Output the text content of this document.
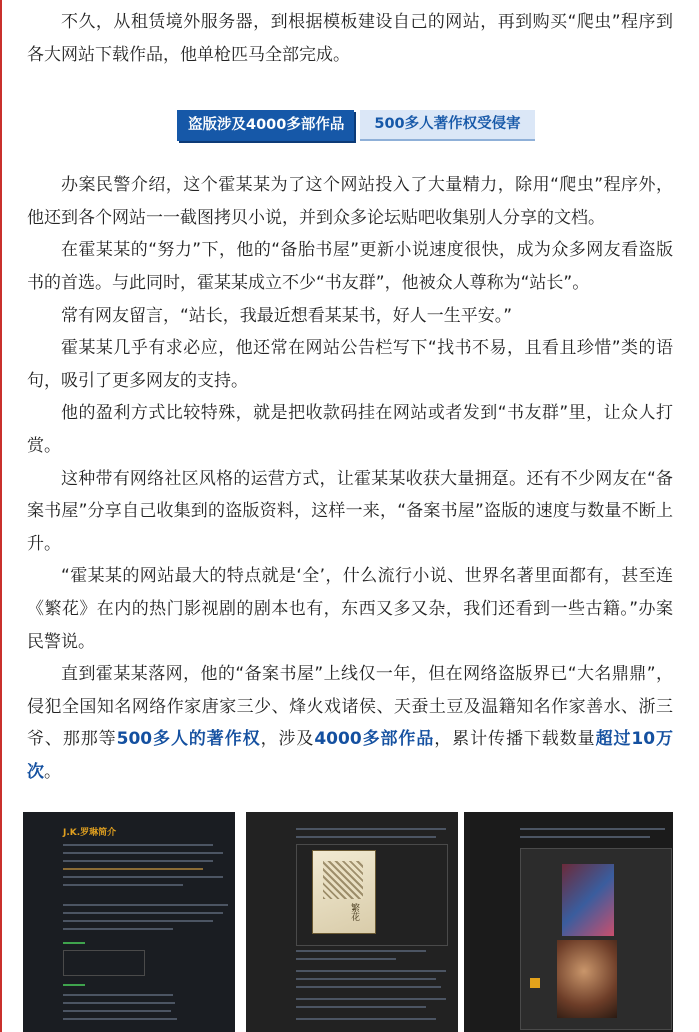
不久，从租赁境外服务器，到根据模板建设自己的网站，再到购买“爬虫”程序到各大网站下载作品，他单枪匹马全部完成。

盗版涉及4000多部作品	500多人著作权受侵害

办案民警介绍，这个霍某某为了这个网站投入了大量精力，除用“爬虫”程序外，他还到各个网站一一截图拷贝小说，并到众多论坛贴吧收集别人分享的文档。

在霍某某的“努力”下，他的“备胎书屋”更新小说速度很快，成为众多网友看盗版书的首选。与此同时，霍某某成立不少“书友群”，他被众人尊称为“站长”。

常有网友留言，“站长，我最近想看某某书，好人一生平安。”

霍某某几乎有求必应，他还常在网站公告栏写下“找书不易，且看且珍惜”类的语句，吸引了更多网友的支持。

他的盈利方式比较特殊，就是把收款码挂在网站或者发到“书友群”里，让众人打赏。

这种带有网络社区风格的运营方式，让霍某某收获大量拥趸。还有不少网友在“备案书屋”分享自己收集到的盗版资料，这样一来，“备案书屋”盗版的速度与数量不断上升。

“霍某某的网站最大的特点就是‘全’，什么流行小说、世界名著里面都有，甚至连《繁花》在内的热门影视剧的剧本也有，东西又多又杂，我们还看到一些古籍。”办案民警说。

直到霍某某落网，他的“备案书屋”上线仅一年，但在网络盗版界已“大名鼎鼎”，侵犯全国知名网络作家唐家三少、烽火戏诸侯、天蚕土豆及温籍知名作家善水、浙三爷、那那等500多人的著作权，涉及4000多部作品，累计传播下载数量超过10万次。

J.K.罗琳简介
繁花
